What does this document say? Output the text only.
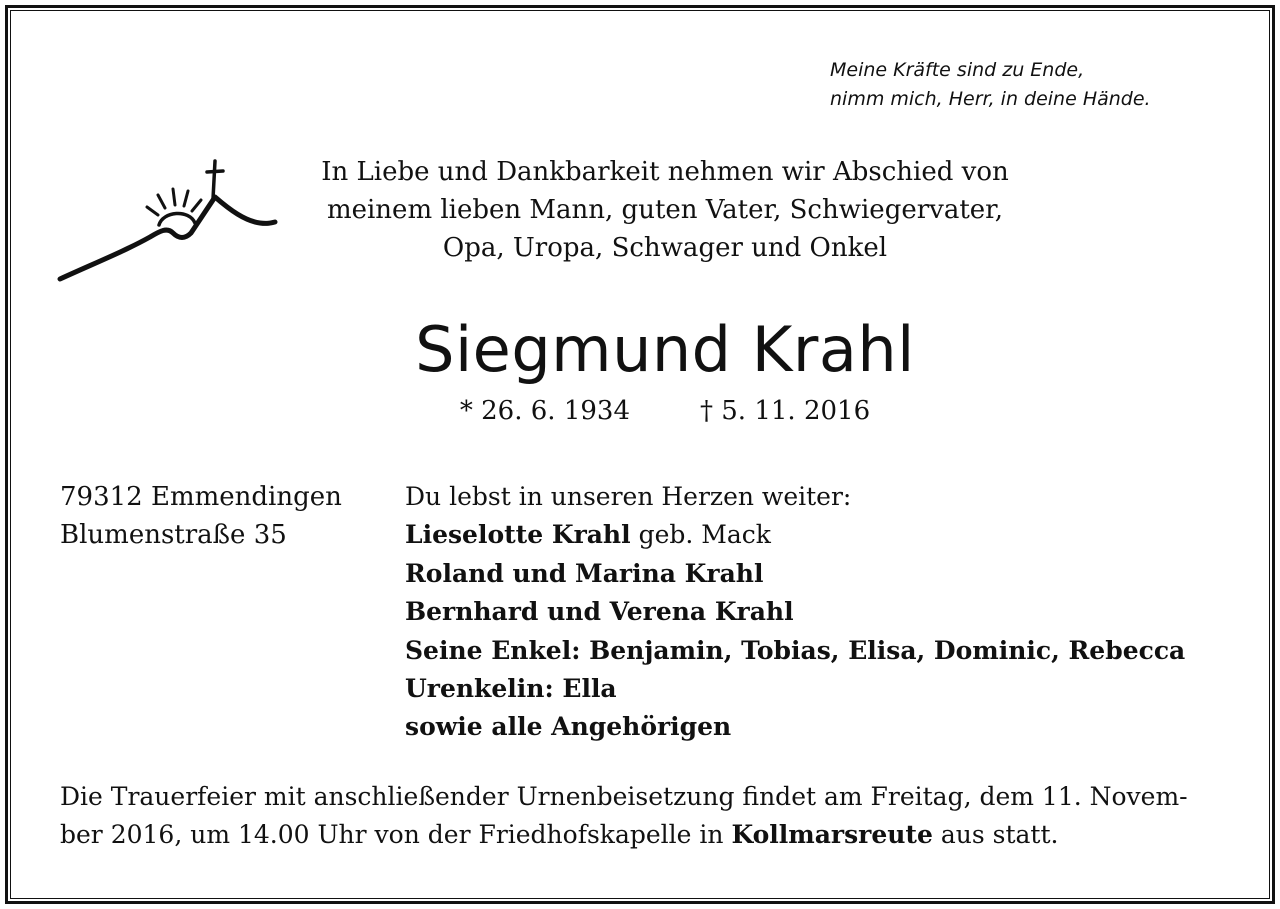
Meine Kräfte sind zu Ende,
nimm mich, Herr, in deine Hände.
In Liebe und Dankbarkeit nehmen wir Abschied von
meinem lieben Mann, guten Vater, Schwiegervater,
Opa, Uropa, Schwager und Onkel
Siegmund Krahl
* 26. 6. 1934	† 5. 11. 2016
79312 Emmendingen
Blumenstraße 35
Du lebst in unseren Herzen weiter:
Lieselotte Krahl geb. Mack
Roland und Marina Krahl
Bernhard und Verena Krahl
Seine Enkel: Benjamin, Tobias, Elisa, Dominic, Rebecca
Urenkelin: Ella
sowie alle Angehörigen
Die Trauerfeier mit anschließender Urnenbeisetzung findet am Freitag, dem 11. Novem-
ber 2016, um 14.00 Uhr von der Friedhofskapelle in Kollmarsreute aus statt.
